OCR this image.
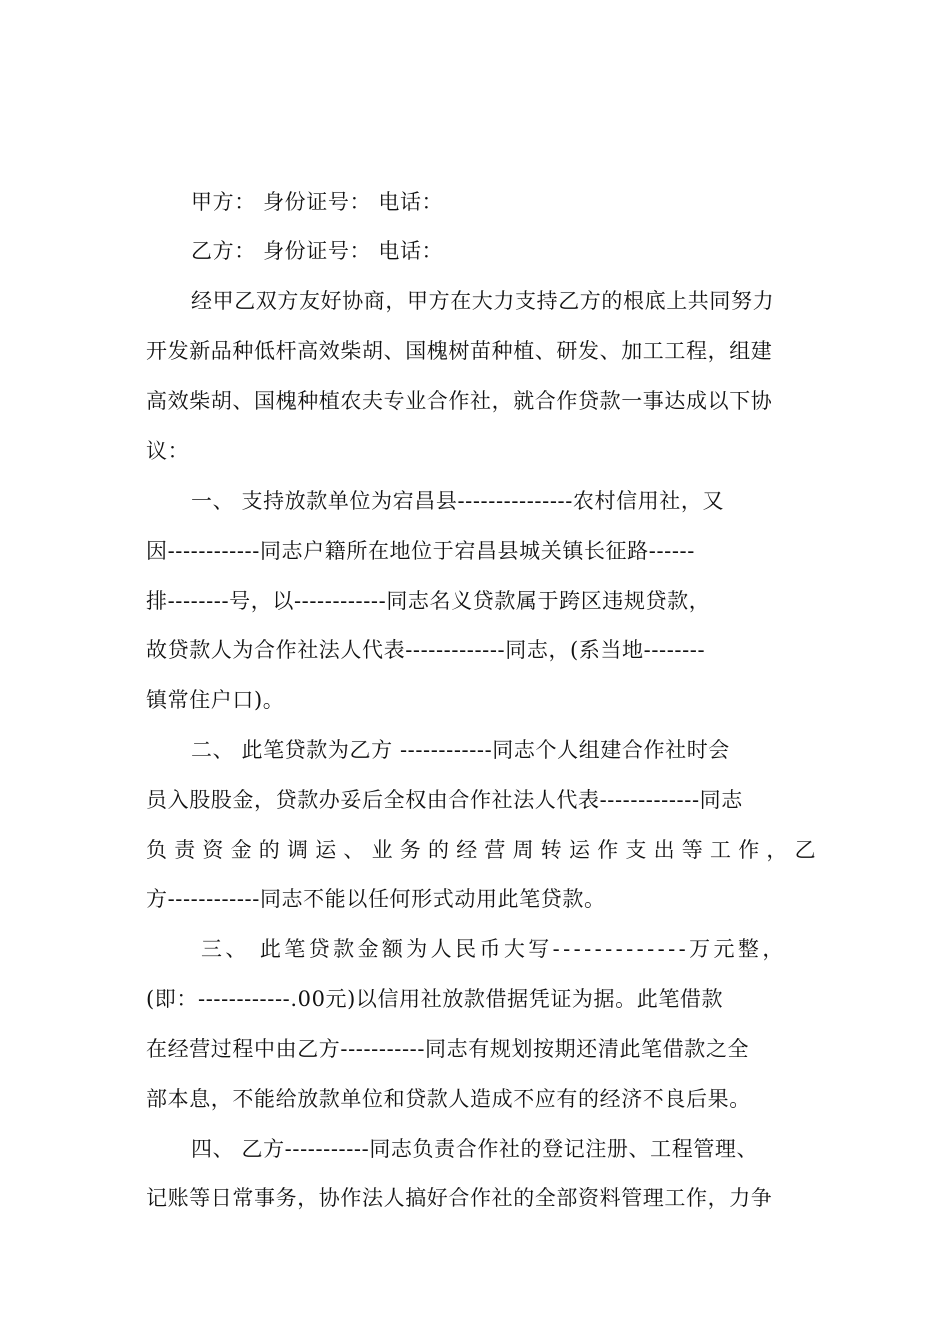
甲方： 身份证号： 电话：
乙方： 身份证号： 电话：
经甲乙双方友好协商，甲方在大力支持乙方的根底上共同努力
开发新品种低杆高效柴胡、国槐树苗种植、研发、加工工程，组建
高效柴胡、国槐种植农夫专业合作社，就合作贷款一事达成以下协
议：
一、 支持放款单位为宕昌县---------------农村信用社，又
因------------同志户籍所在地位于宕昌县城关镇长征路------
排--------号，以------------同志名义贷款属于跨区违规贷款，
故贷款人为合作社法人代表-------------同志，(系当地--------
镇常住户口)。
二、 此笔贷款为乙方 ------------同志个人组建合作社时会
员入股股金，贷款办妥后全权由合作社法人代表-------------同志
负责资金的调运、业务的经营周转运作支出等工作，乙
方------------同志不能以任何形式动用此笔贷款。
三、 此笔贷款金额为人民币大写-------------万元整，
(即：------------.00元)以信用社放款借据凭证为据。此笔借款
在经营过程中由乙方-----------同志有规划按期还清此笔借款之全
部本息，不能给放款单位和贷款人造成不应有的经济不良后果。
四、 乙方-----------同志负责合作社的登记注册、工程管理、
记账等日常事务，协作法人搞好合作社的全部资料管理工作，力争
